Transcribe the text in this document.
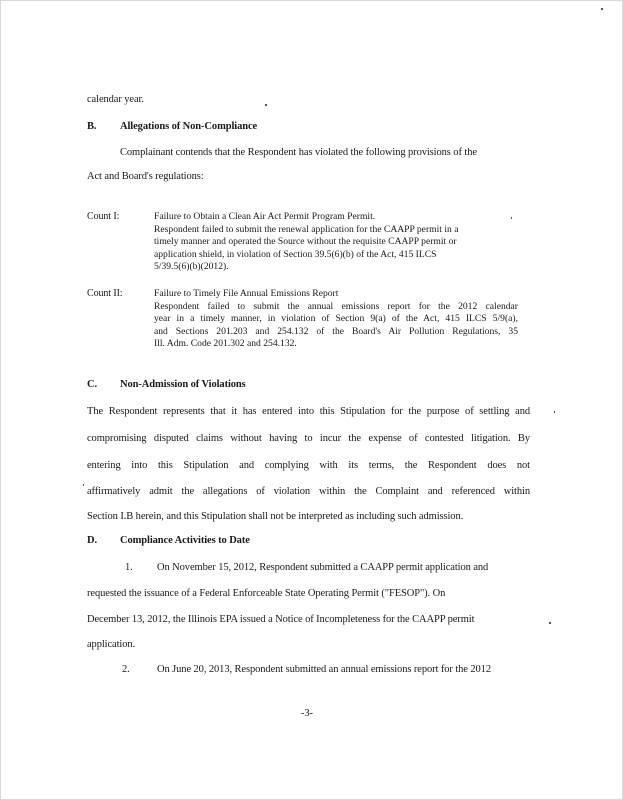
calendar year.
B. Allegations of Non-Compliance
Complainant contends that the Respondent has violated the following provisions of the
Act and Board's regulations:
Count I:	Failure to Obtain a Clean Air Act Permit Program Permit.
Respondent failed to submit the renewal application for the CAAPP permit in a
timely manner and operated the Source without the requisite CAAPP permit or
application shield, in violation of Section 39.5(6)(b) of the Act, 415 ILCS
5/39.5(6)(b)(2012).
Count II:	Failure to Timely File Annual Emissions Report
Respondent failed to submit the annual emissions report for the 2012 calendar
year in a timely manner, in violation of Section 9(a) of the Act, 415 ILCS 5/9(a),
and Sections 201.203 and 254.132 of the Board's Air Pollution Regulations, 35
Ill. Adm. Code 201.302 and 254.132.
C. Non-Admission of Violations
The Respondent represents that it has entered into this Stipulation for the purpose of settling and
compromising disputed claims without having to incur the expense of contested litigation. By
entering into this Stipulation and complying with its terms, the Respondent does not
affirmatively admit the allegations of violation within the Complaint and referenced within
Section I.B herein, and this Stipulation shall not be interpreted as including such admission.
D. Compliance Activities to Date
1. On November 15, 2012, Respondent submitted a CAAPP permit application and
requested the issuance of a Federal Enforceable State Operating Permit ("FESOP"). On
December 13, 2012, the Illinois EPA issued a Notice of Incompleteness for the CAAPP permit
application.
2.	On June 20, 2013, Respondent submitted an annual emissions report for the 2012
-3-
